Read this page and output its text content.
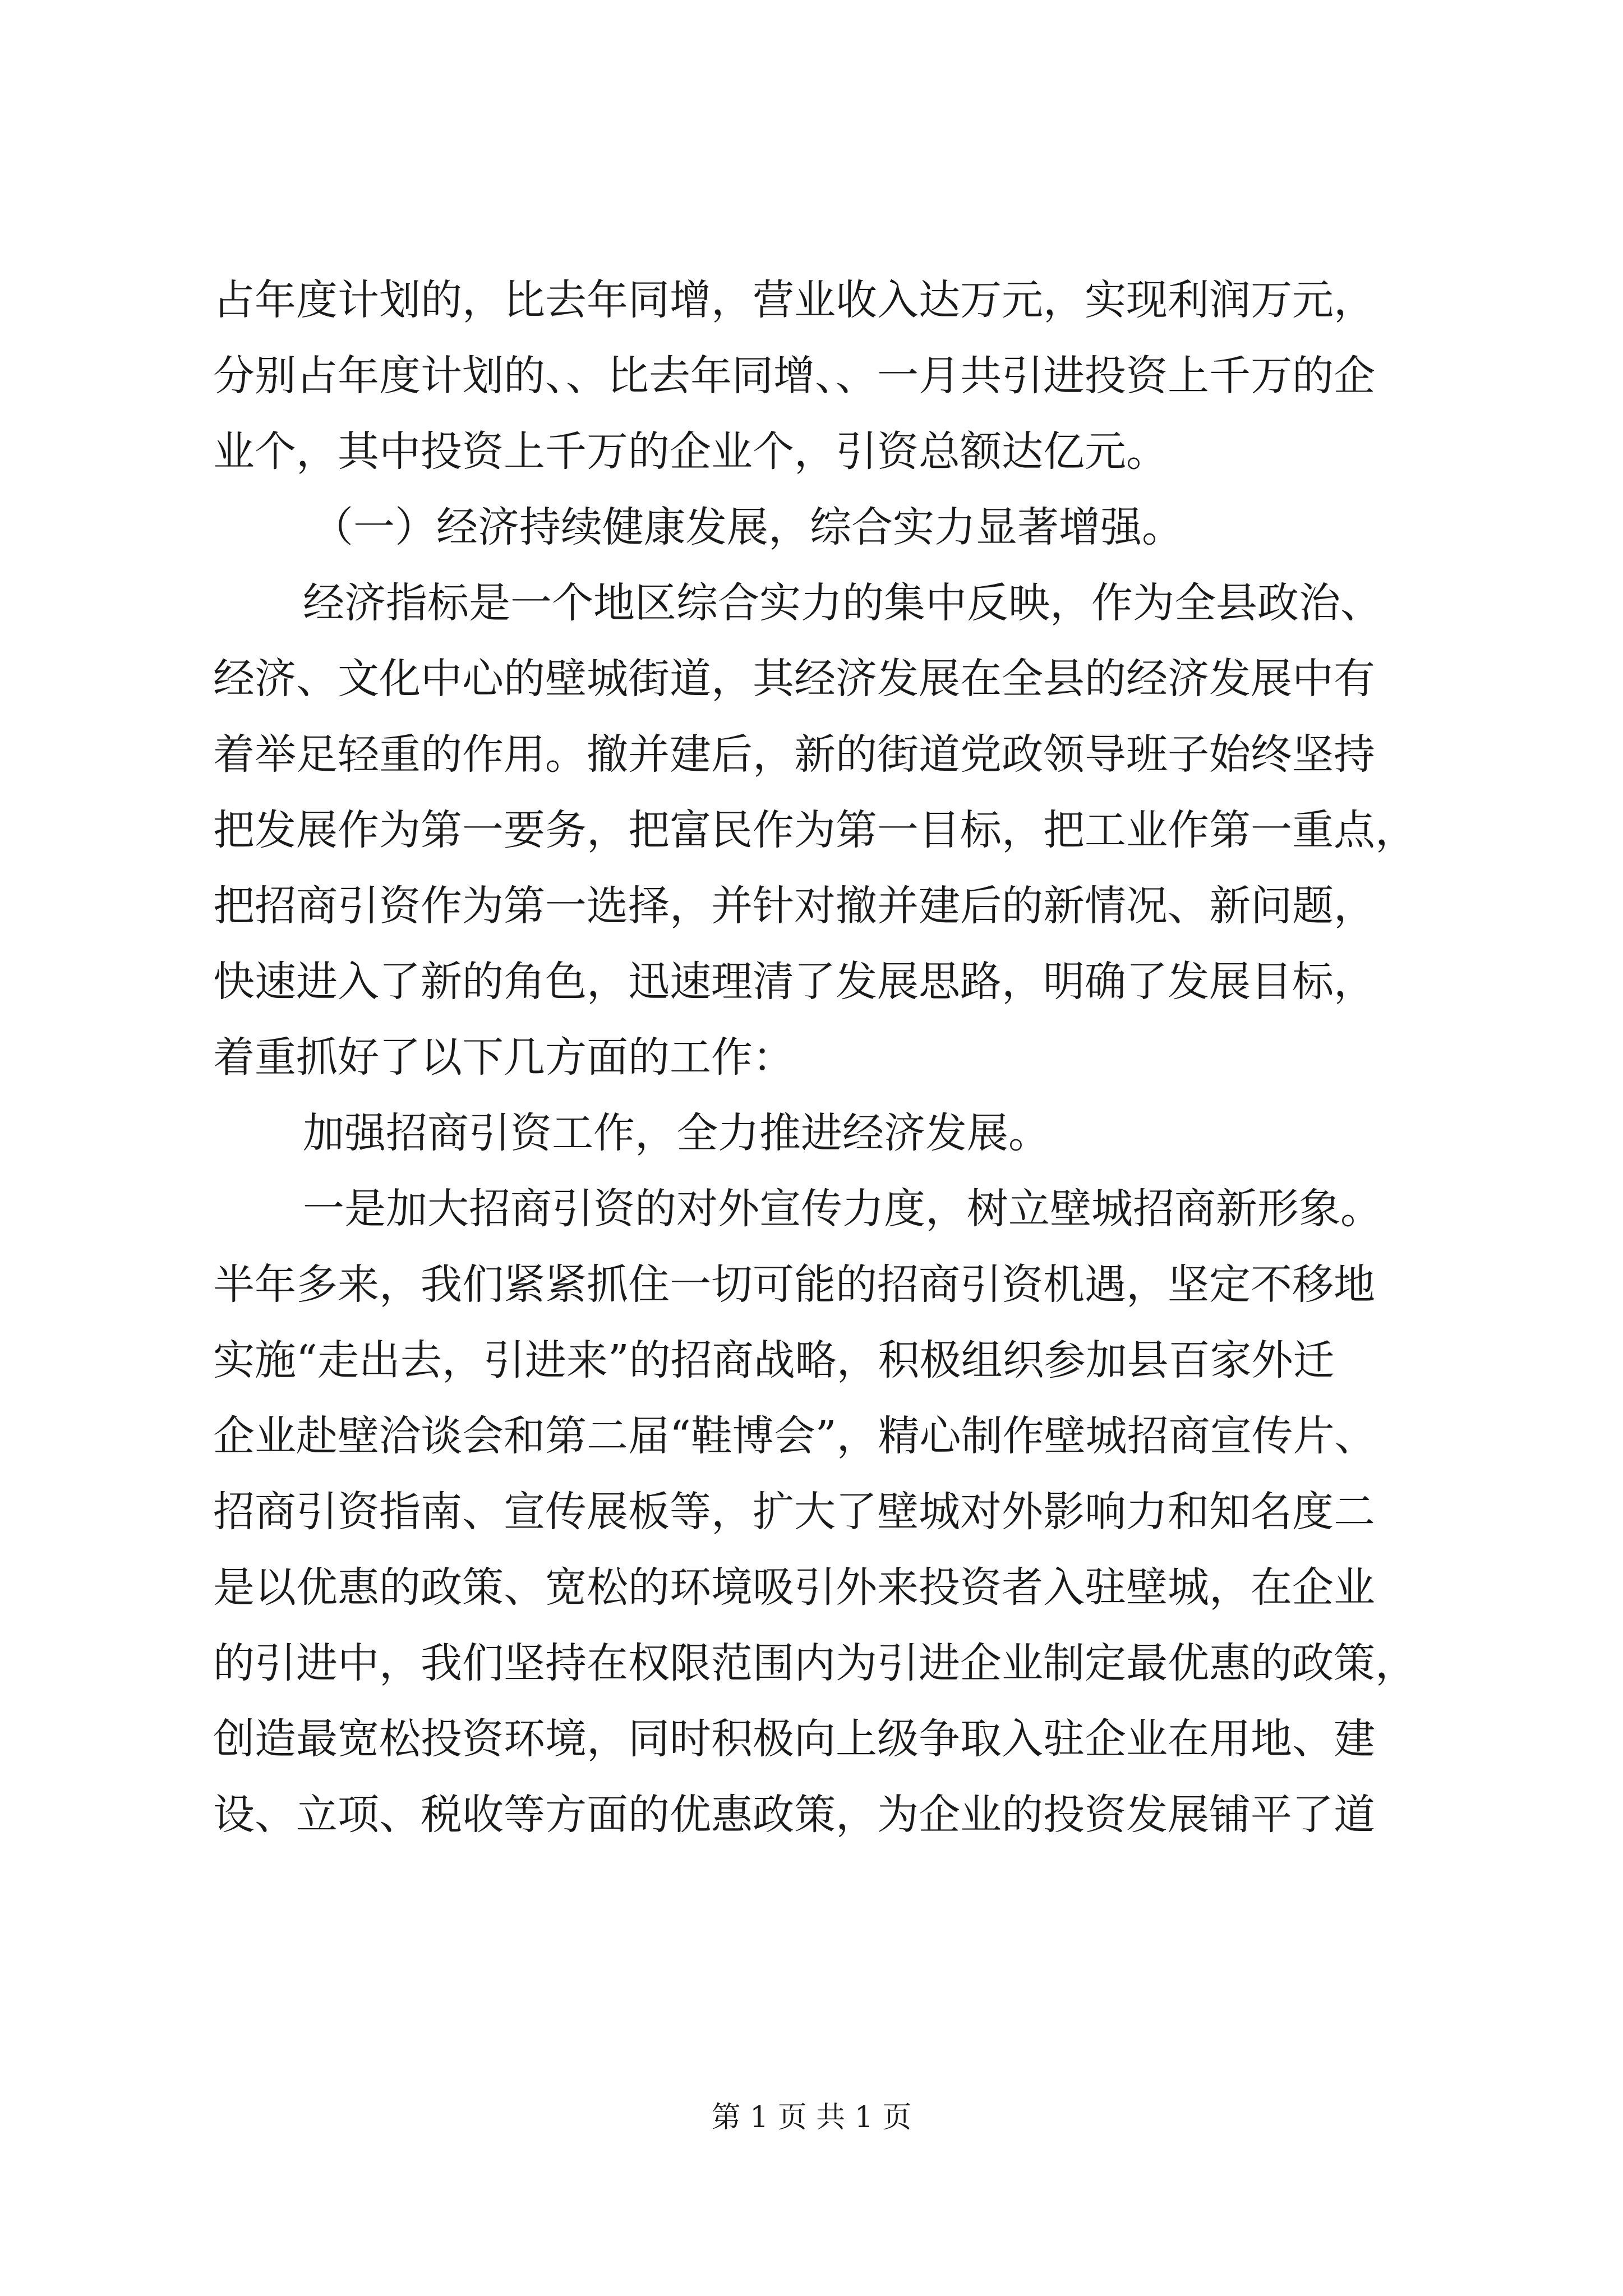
占年度计划的，比去年同增，营业收入达万元，实现利润万元，
分别占年度计划的、、比去年同增、、一月共引进投资上千万的企
业个，其中投资上千万的企业个，引资总额达亿元。
（一）经济持续健康发展，综合实力显著增强。
经济指标是一个地区综合实力的集中反映，作为全县政治、
经济、文化中心的壁城街道，其经济发展在全县的经济发展中有
着举足轻重的作用。撤并建后，新的街道党政领导班子始终坚持
把发展作为第一要务，把富民作为第一目标，把工业作第一重点，
把招商引资作为第一选择，并针对撤并建后的新情况、新问题，
快速进入了新的角色，迅速理清了发展思路，明确了发展目标，
着重抓好了以下几方面的工作：
加强招商引资工作，全力推进经济发展。
一是加大招商引资的对外宣传力度，树立壁城招商新形象。
半年多来，我们紧紧抓住一切可能的招商引资机遇，坚定不移地
实施“走出去，引进来”的招商战略，积极组织参加县百家外迁
企业赴壁洽谈会和第二届“鞋博会”，精心制作壁城招商宣传片、
招商引资指南、宣传展板等，扩大了壁城对外影响力和知名度二
是以优惠的政策、宽松的环境吸引外来投资者入驻壁城，在企业
的引进中，我们坚持在权限范围内为引进企业制定最优惠的政策，
创造最宽松投资环境，同时积极向上级争取入驻企业在用地、建
设、立项、税收等方面的优惠政策，为企业的投资发展铺平了道
第 1 页 共 1 页
